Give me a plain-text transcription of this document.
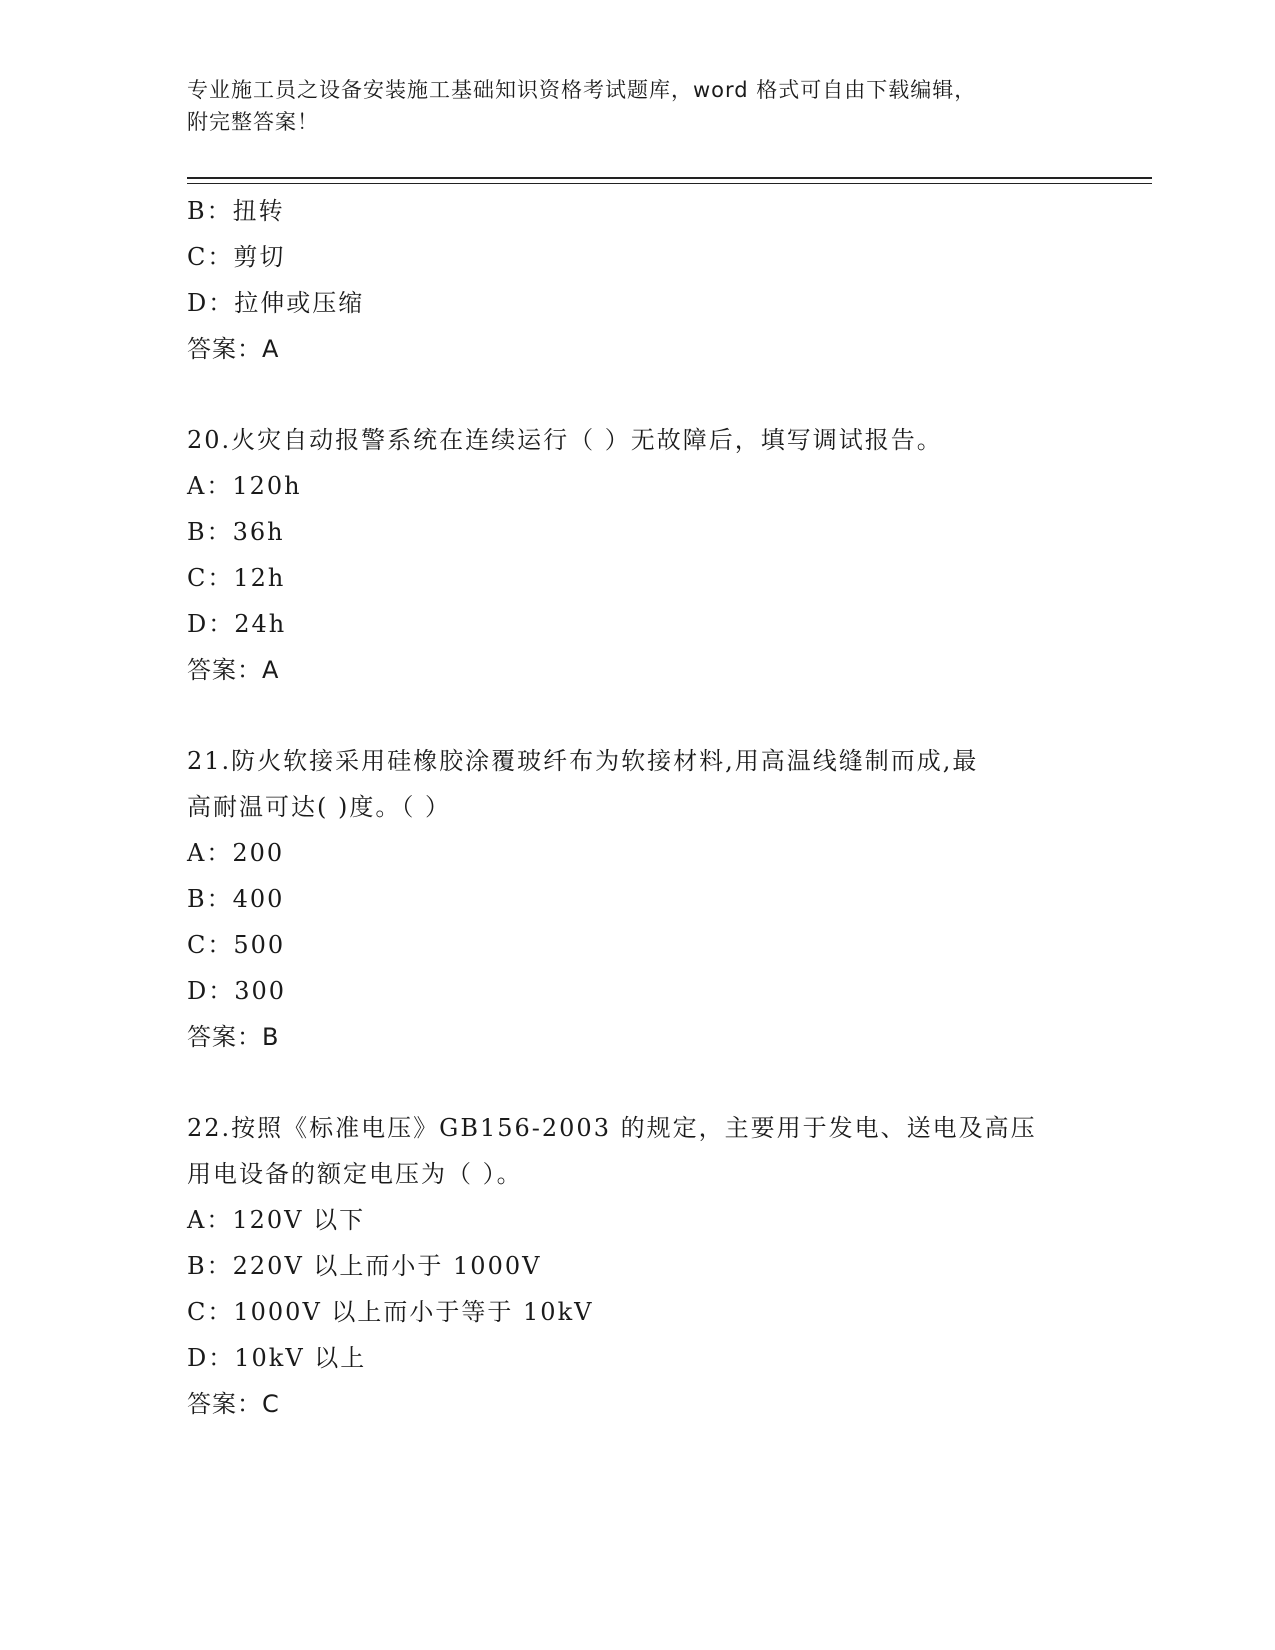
专业施工员之设备安装施工基础知识资格考试题库，word 格式可自由下载编辑，
附完整答案！
B：扭转
C：剪切
D：拉伸或压缩
答案：A
20.火灾自动报警系统在连续运行（ ）无故障后，填写调试报告。
A：120h
B：36h
C：12h
D：24h
答案：A
21.防火软接采用硅橡胶涂覆玻纤布为软接材料,用高温线缝制而成,最
高耐温可达( )度。（ ）
A：200
B：400
C：500
D：300
答案：B
22.按照《标准电压》GB156-2003 的规定，主要用于发电、送电及高压
用电设备的额定电压为（ ）。
A：120V 以下
B：220V 以上而小于 1000V
C：1000V 以上而小于等于 10kV
D：10kV 以上
答案：C
